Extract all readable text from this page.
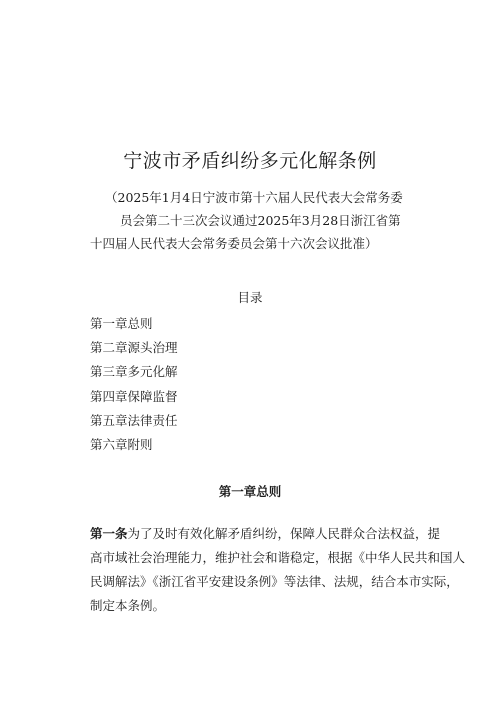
宁波市矛盾纠纷多元化解条例
（2025年1月4日宁波市第十六届人民代表大会常务委
员会第二十三次会议通过2025年3月28日浙江省第
十四届人民代表大会常务委员会第十六次会议批准）
目录
第一章总则
第二章源头治理
第三章多元化解
第四章保障监督
第五章法律责任
第六章附则
第一章总则
第一条为了及时有效化解矛盾纠纷，保障人民群众合法权益，提
高市域社会治理能力，维护社会和谐稳定，根据《中华人民共和国人
民调解法》《浙江省平安建设条例》等法律、法规，结合本市实际，
制定本条例。
